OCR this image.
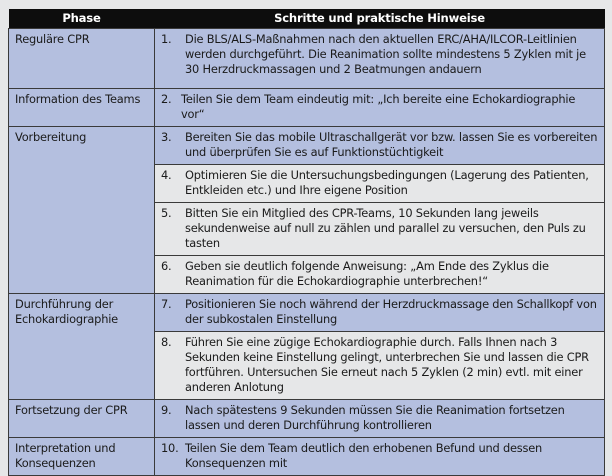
Phase	Schritte und praktische Hinweise
Reguläre CPR	1. Die BLS/ALS-Maßnahmen nach den aktuellen ERC/AHA/ILCOR-Leitlinien werden durchgeführt. Die Reanimation sollte mindestens 5 Zyklen mit je 30 Herzdruckmassagen und 2 Beatmungen andauern

Information des Teams	2. Teilen Sie dem Team eindeutig mit: „Ich bereite eine Echokardiographie vor“

Vorbereitung	3. Bereiten Sie das mobile Ultraschallgerät vor bzw. lassen Sie es vorbereiten und überprüfen Sie es auf Funktionstüchtigkeit

	4. Optimieren Sie die Untersuchungsbedingungen (Lagerung des Patienten, Entkleiden etc.) und Ihre eigene Position

	5. Bitten Sie ein Mitglied des CPR-Teams, 10 Sekunden lang jeweils sekundenweise auf null zu zählen und parallel zu versuchen, den Puls zu tasten

	6. Geben sie deutlich folgende Anweisung: „Am Ende des Zyklus die Reanimation für die Echokardiographie unterbrechen!“

Durchführung der Echokardiographie	7. Positionieren Sie noch während der Herzdruckmassage den Schallkopf von der subkostalen Einstellung

	8. Führen Sie eine zügige Echokardiographie durch. Falls Ihnen nach 3 Sekunden keine Einstellung gelingt, unterbrechen Sie und lassen die CPR fortführen. Untersuchen Sie erneut nach 5 Zyklen (2 min) evtl. mit einer anderen Anlotung

Fortsetzung der CPR	9. Nach spätestens 9 Sekunden müssen Sie die Reanimation fortsetzen lassen und deren Durchführung kontrollieren

Interpretation und Konsequenzen	10. Teilen Sie dem Team deutlich den erhobenen Befund und dessen Konsequenzen mit
